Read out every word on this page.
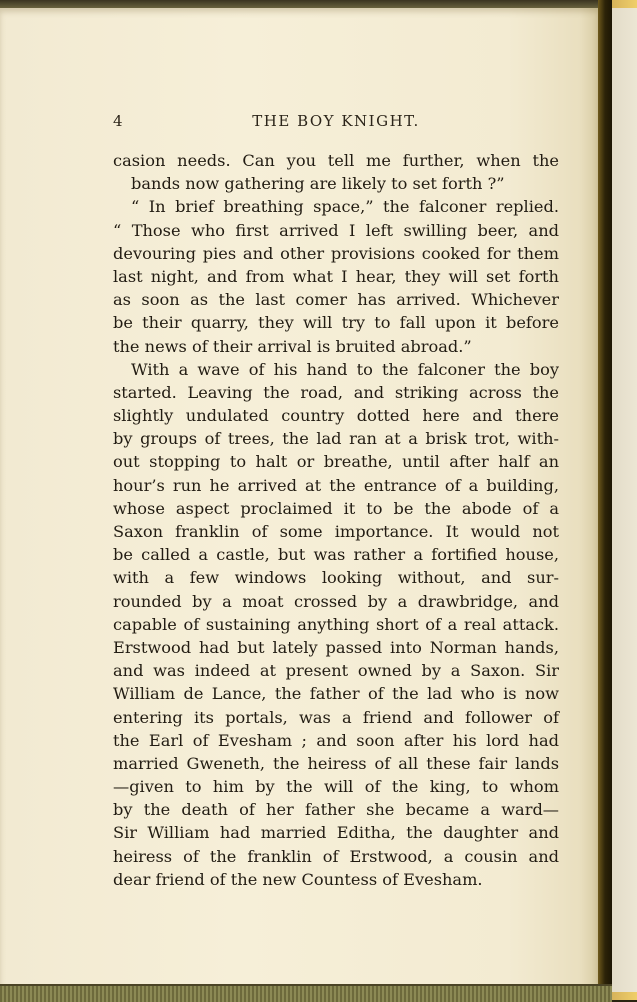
4	THE BOY KNIGHT.
casion needs. Can you tell me further, when the
bands now gathering are likely to set forth ?”
“ In brief breathing space,” the falconer replied.
“ Those who first arrived I left swilling beer, and
devouring pies and other provisions cooked for them
last night, and from what I hear, they will set forth
as soon as the last comer has arrived. Whichever
be their quarry, they will try to fall upon it before
the news of their arrival is bruited abroad.”
With a wave of his hand to the falconer the boy
started. Leaving the road, and striking across the
slightly undulated country dotted here and there
by groups of trees, the lad ran at a brisk trot, with-
out stopping to halt or breathe, until after half an
hour’s run he arrived at the entrance of a building,
whose aspect proclaimed it to be the abode of a
Saxon franklin of some importance. It would not
be called a castle, but was rather a fortified house,
with a few windows looking without, and sur-
rounded by a moat crossed by a drawbridge, and
capable of sustaining anything short of a real attack.
Erstwood had but lately passed into Norman hands,
and was indeed at present owned by a Saxon. Sir
William de Lance, the father of the lad who is now
entering its portals, was a friend and follower of
the Earl of Evesham ; and soon after his lord had
married Gweneth, the heiress of all these fair lands
—given to him by the will of the king, to whom
by the death of her father she became a ward—
Sir William had married Editha, the daughter and
heiress of the franklin of Erstwood, a cousin and
dear friend of the new Countess of Evesham.
